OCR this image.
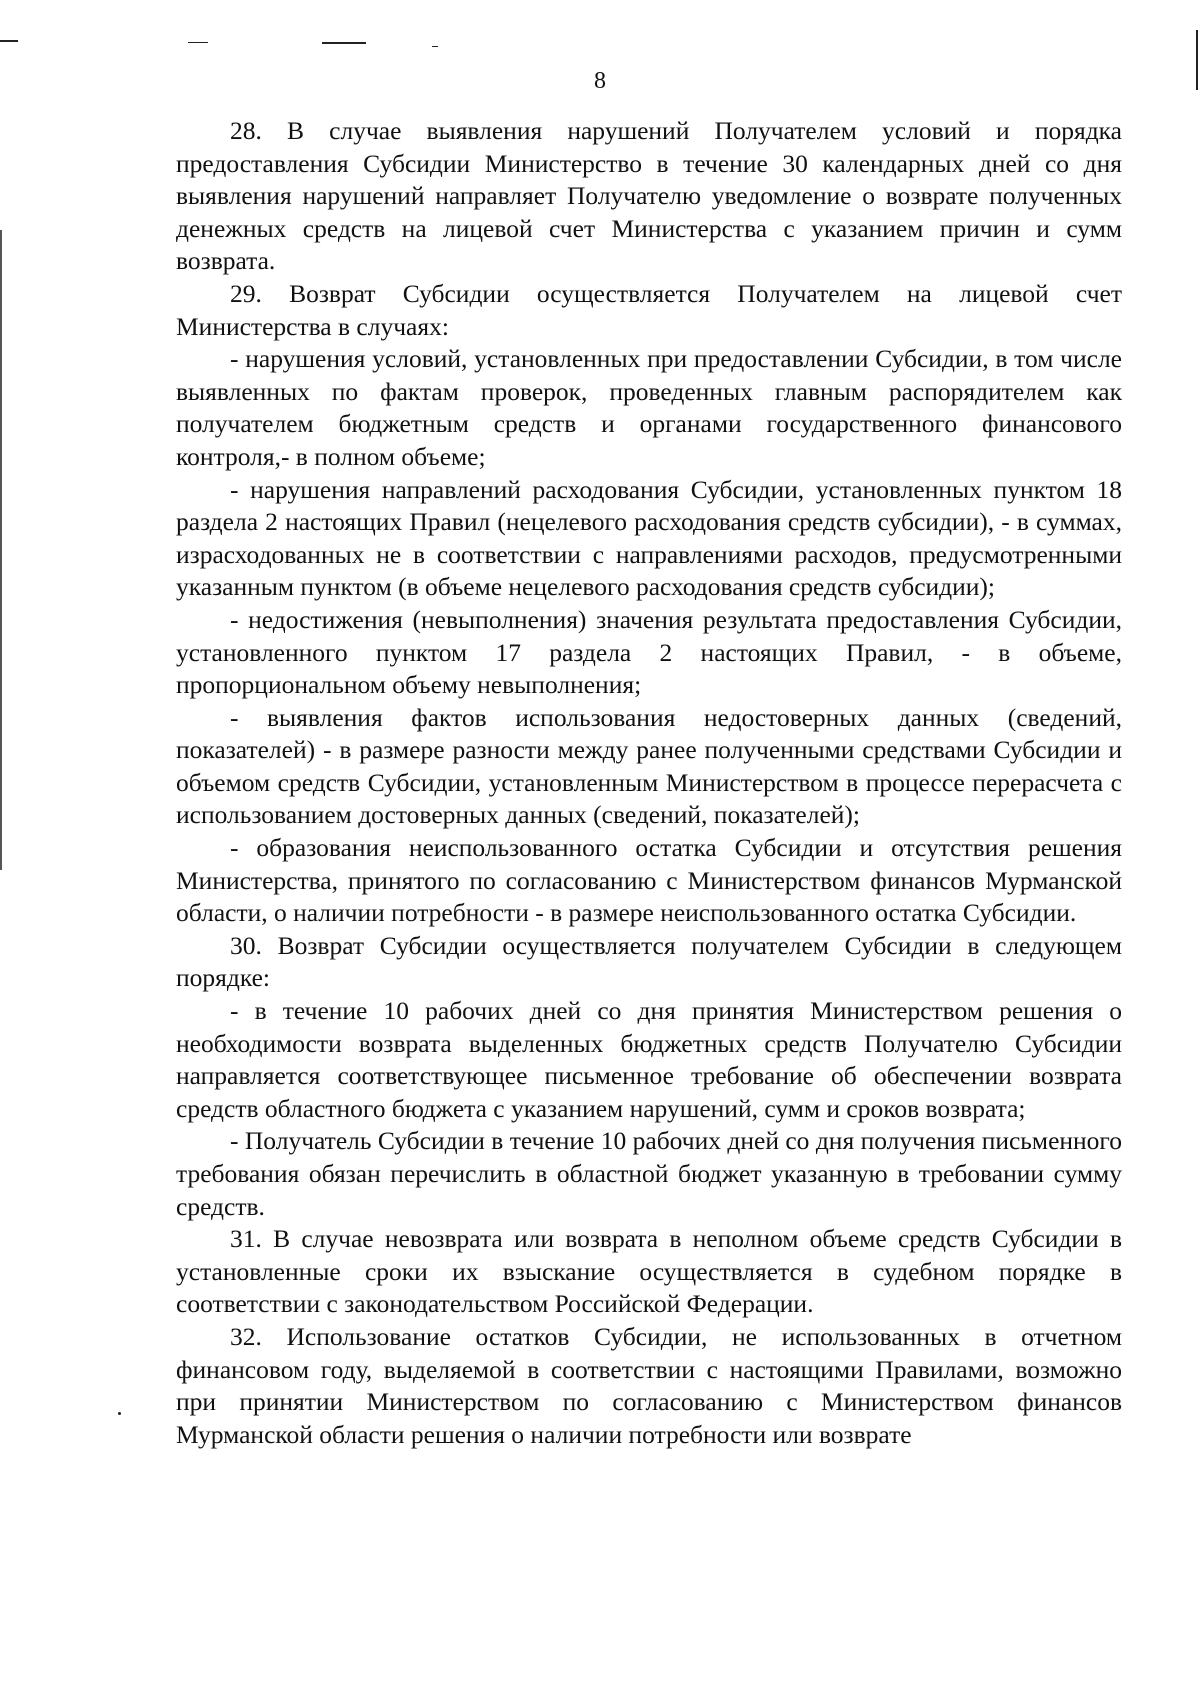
8

28. В случае выявления нарушений Получателем условий и порядка предоставления Субсидии Министерство в течение 30 календарных дней со дня выявления нарушений направляет Получателю уведомление о возврате полученных денежных средств на лицевой счет Министерства с указанием причин и сумм возврата.

29. Возврат Субсидии осуществляется Получателем на лицевой счет Министерства в случаях:

- нарушения условий, установленных при предоставлении Субсидии, в том числе выявленных по фактам проверок, проведенных главным распорядителем как получателем бюджетным средств и органами государственного финансового контроля,- в полном объеме;

- нарушения направлений расходования Субсидии, установленных пунктом 18 раздела 2 настоящих Правил (нецелевого расходования средств субсидии), - в суммах, израсходованных не в соответствии с направлениями расходов, предусмотренными указанным пунктом (в объеме нецелевого расходования средств субсидии);

- недостижения (невыполнения) значения результата предоставления Субсидии, установленного пунктом 17 раздела 2 настоящих Правил, - в объеме, пропорциональном объему невыполнения;

- выявления фактов использования недостоверных данных (сведений, показателей) - в размере разности между ранее полученными средствами Субсидии и объемом средств Субсидии, установленным Министерством в процессе перерасчета с использованием достоверных данных (сведений, показателей);

- образования неиспользованного остатка Субсидии и отсутствия решения Министерства, принятого по согласованию с Министерством финансов Мурманской области, о наличии потребности - в размере неиспользованного остатка Субсидии.

30. Возврат Субсидии осуществляется получателем Субсидии в следующем порядке:

- в течение 10 рабочих дней со дня принятия Министерством решения о необходимости возврата выделенных бюджетных средств Получателю Субсидии направляется соответствующее письменное требование об обеспечении возврата средств областного бюджета с указанием нарушений, сумм и сроков возврата;

- Получатель Субсидии в течение 10 рабочих дней со дня получения письменного требования обязан перечислить в областной бюджет указанную в требовании сумму средств.

31. В случае невозврата или возврата в неполном объеме средств Субсидии в установленные сроки их взыскание осуществляется в судебном порядке в соответствии с законодательством Российской Федерации.

32. Использование остатков Субсидии, не использованных в отчетном финансовом году, выделяемой в соответствии с настоящими Правилами, возможно при принятии Министерством по согласованию с Министерством финансов Мурманской области решения о наличии потребности или возврате
